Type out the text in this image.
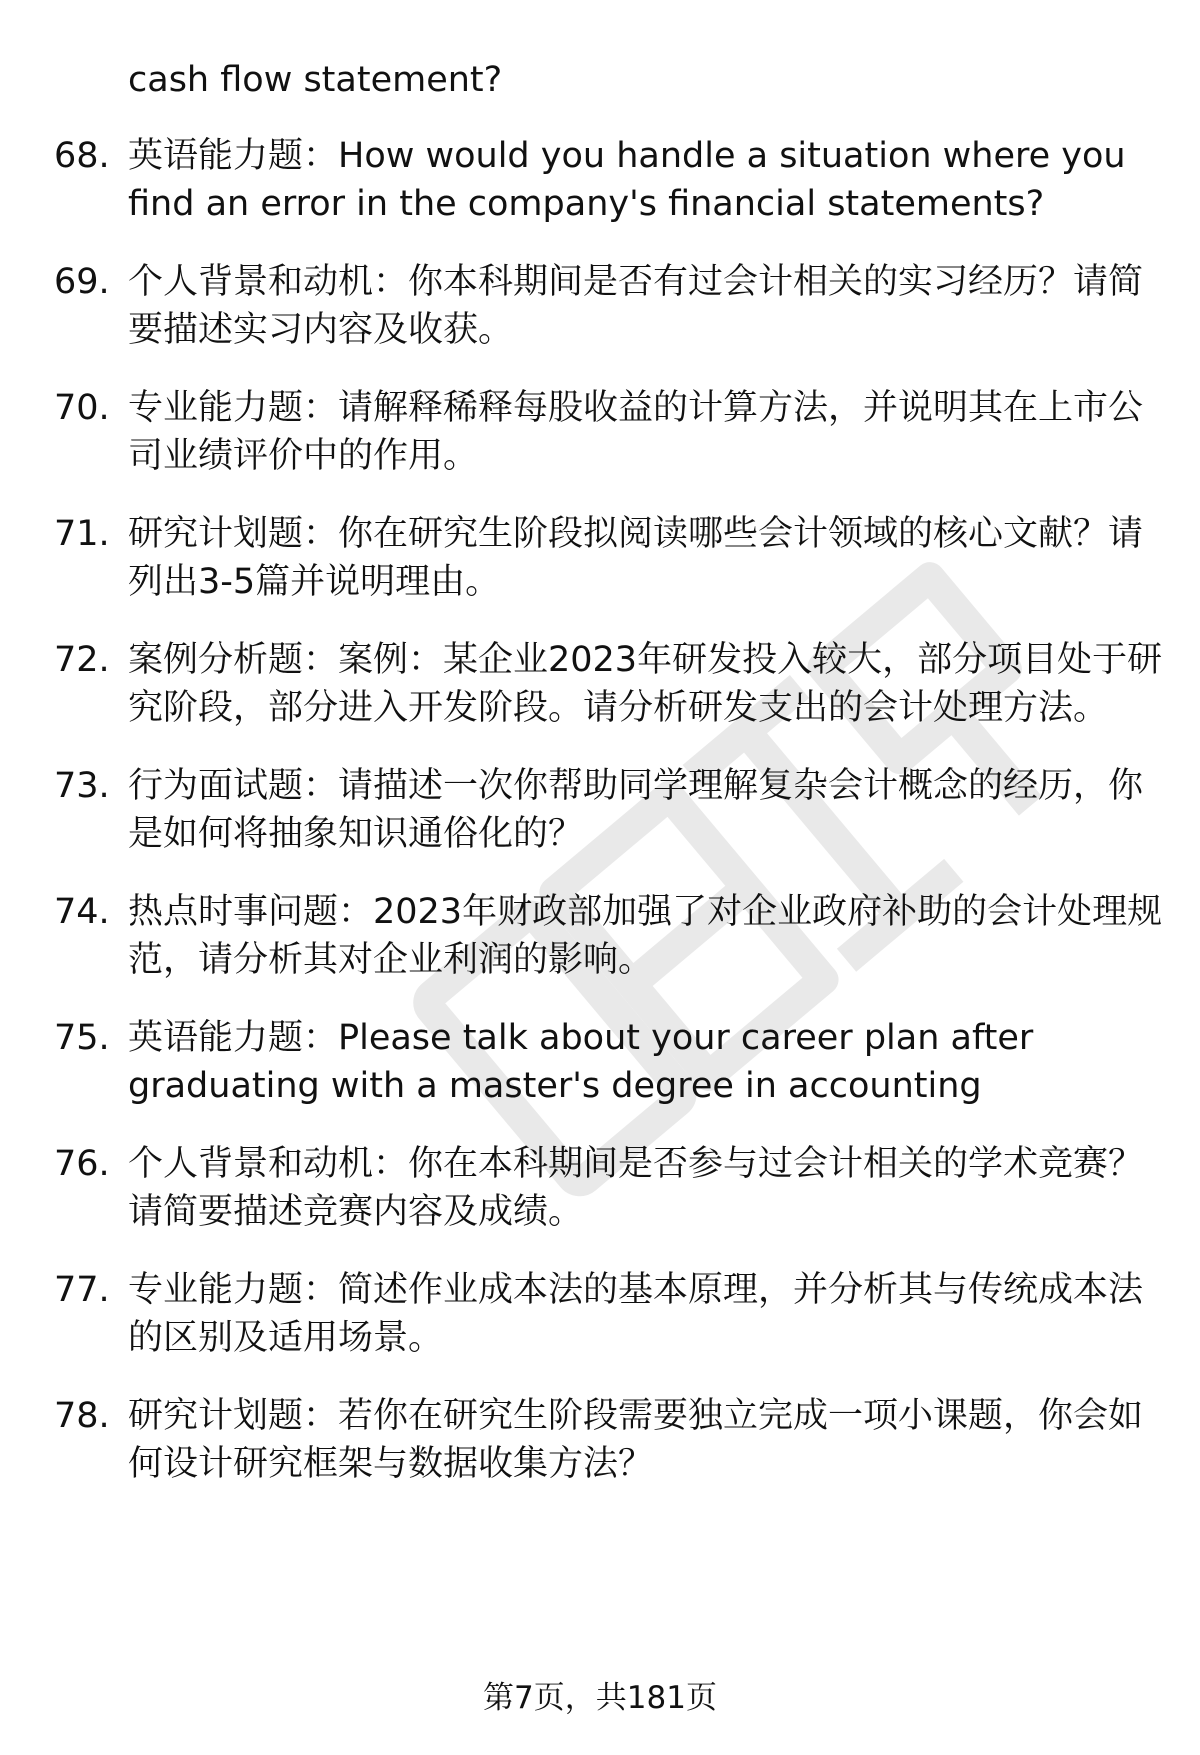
cash flow statement?
68. 英语能力题：How would you handle a situation where you find an error in the company's financial statements?
69. 个人背景和动机：你本科期间是否有过会计相关的实习经历？请简要描述实习内容及收获。
70. 专业能力题：请解释稀释每股收益的计算方法，并说明其在上市公司业绩评价中的作用。
71. 研究计划题：你在研究生阶段拟阅读哪些会计领域的核心文献？请列出3-5篇并说明理由。
72. 案例分析题：案例：某企业2023年研发投入较大，部分项目处于研究阶段，部分进入开发阶段。请分析研发支出的会计处理方法。
73. 行为面试题：请描述一次你帮助同学理解复杂会计概念的经历，你是如何将抽象知识通俗化的？
74. 热点时事问题：2023年财政部加强了对企业政府补助的会计处理规范，请分析其对企业利润的影响。
75. 英语能力题：Please talk about your career plan after graduating with a master's degree in accounting
76. 个人背景和动机：你在本科期间是否参与过会计相关的学术竞赛？请简要描述竞赛内容及成绩。
77. 专业能力题：简述作业成本法的基本原理，并分析其与传统成本法的区别及适用场景。
78. 研究计划题：若你在研究生阶段需要独立完成一项小课题，你会如何设计研究框架与数据收集方法？
第7页，共181页
